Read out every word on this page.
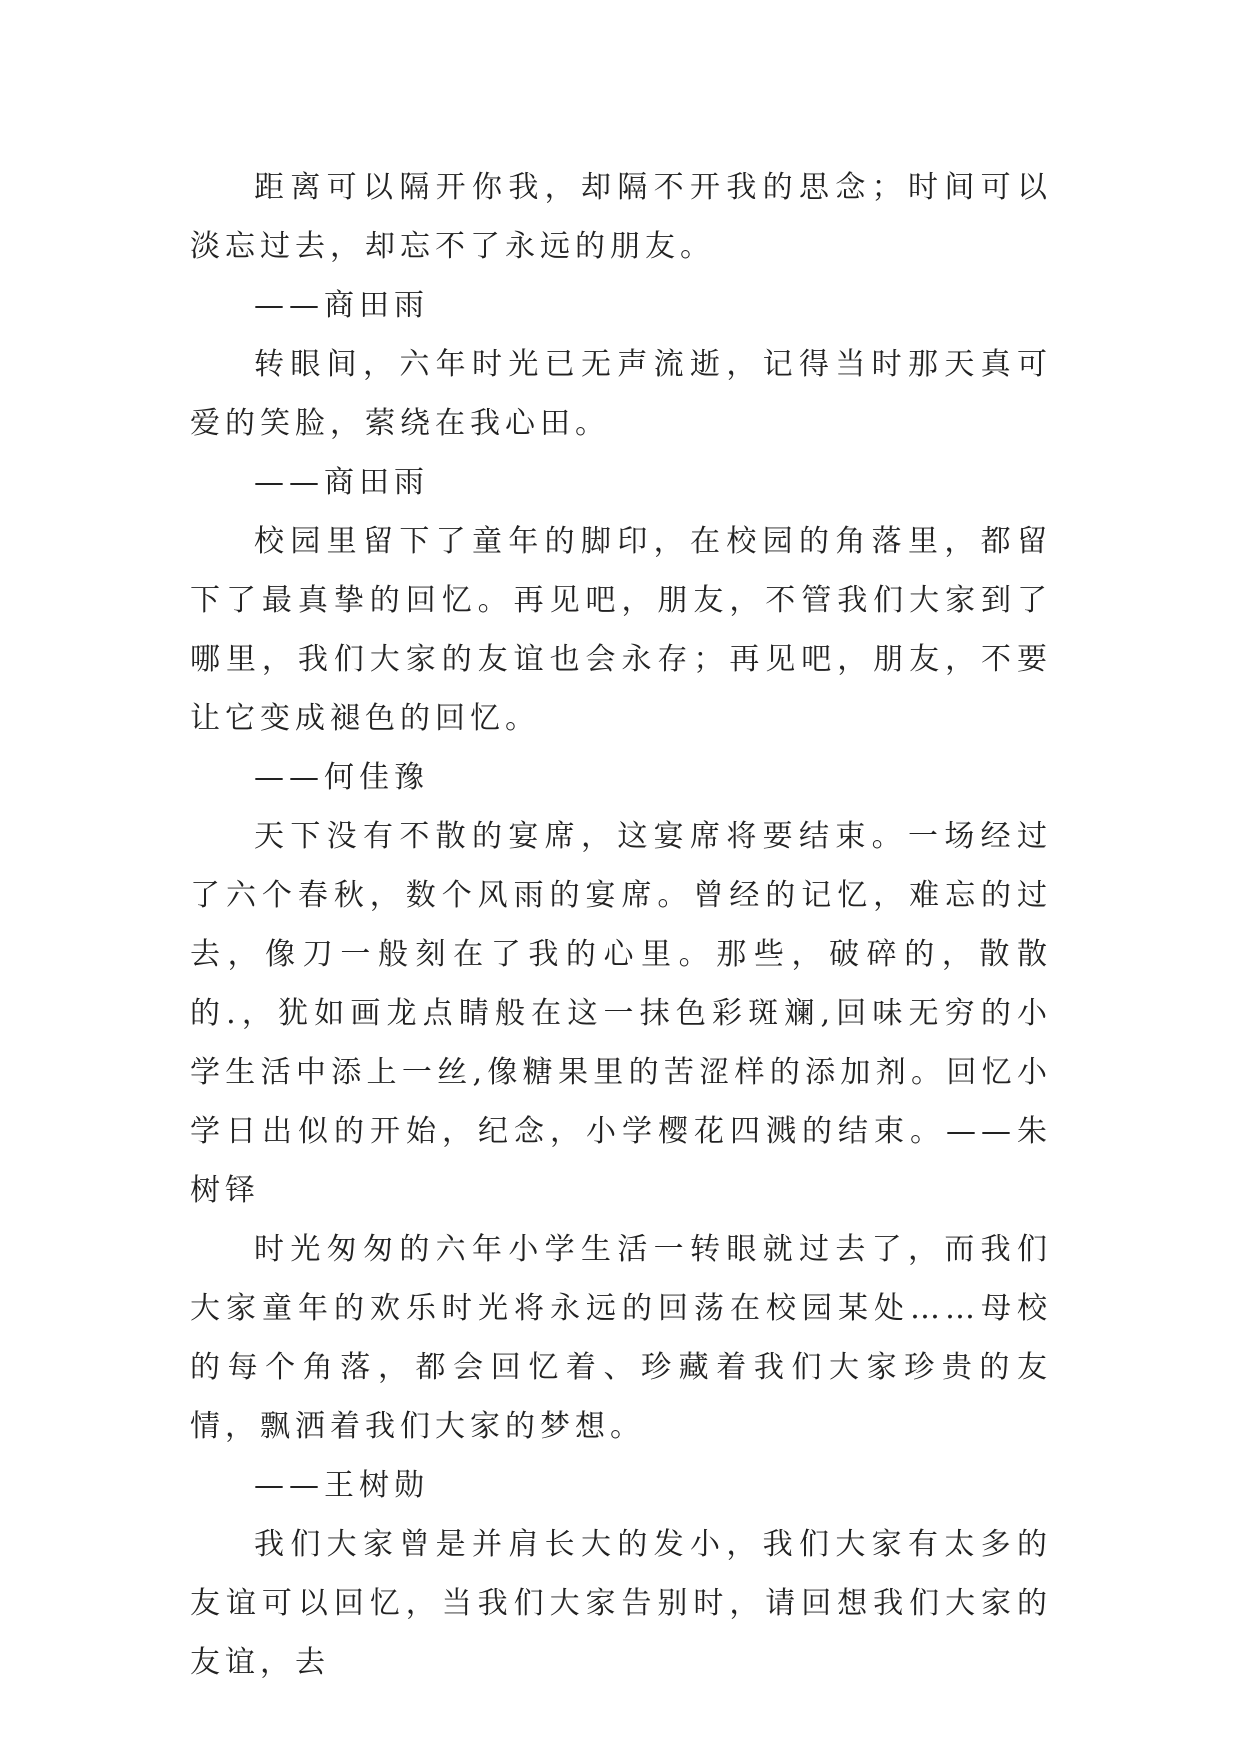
距离可以隔开你我，却隔不开我的思念；时间可以淡忘过去，却忘不了永远的朋友。

——商田雨

转眼间，六年时光已无声流逝，记得当时那天真可爱的笑脸，萦绕在我心田。

——商田雨

校园里留下了童年的脚印，在校园的角落里，都留下了最真挚的回忆。再见吧，朋友，不管我们大家到了哪里，我们大家的友谊也会永存；再见吧，朋友，不要让它变成褪色的回忆。

——何佳豫

天下没有不散的宴席，这宴席将要结束。一场经过了六个春秋，数个风雨的宴席。曾经的记忆，难忘的过去，像刀一般刻在了我的心里。那些，破碎的，散散的.，犹如画龙点睛般在这一抹色彩斑斓,回味无穷的小学生活中添上一丝,像糖果里的苦涩样的添加剂。回忆小学日出似的开始，纪念，小学樱花四溅的结束。——朱树铎

时光匆匆的六年小学生活一转眼就过去了，而我们大家童年的欢乐时光将永远的回荡在校园某处……母校的每个角落，都会回忆着、珍藏着我们大家珍贵的友情，飘洒着我们大家的梦想。

——王树勋

我们大家曾是并肩长大的发小，我们大家有太多的友谊可以回忆，当我们大家告别时，请回想我们大家的友谊，去
